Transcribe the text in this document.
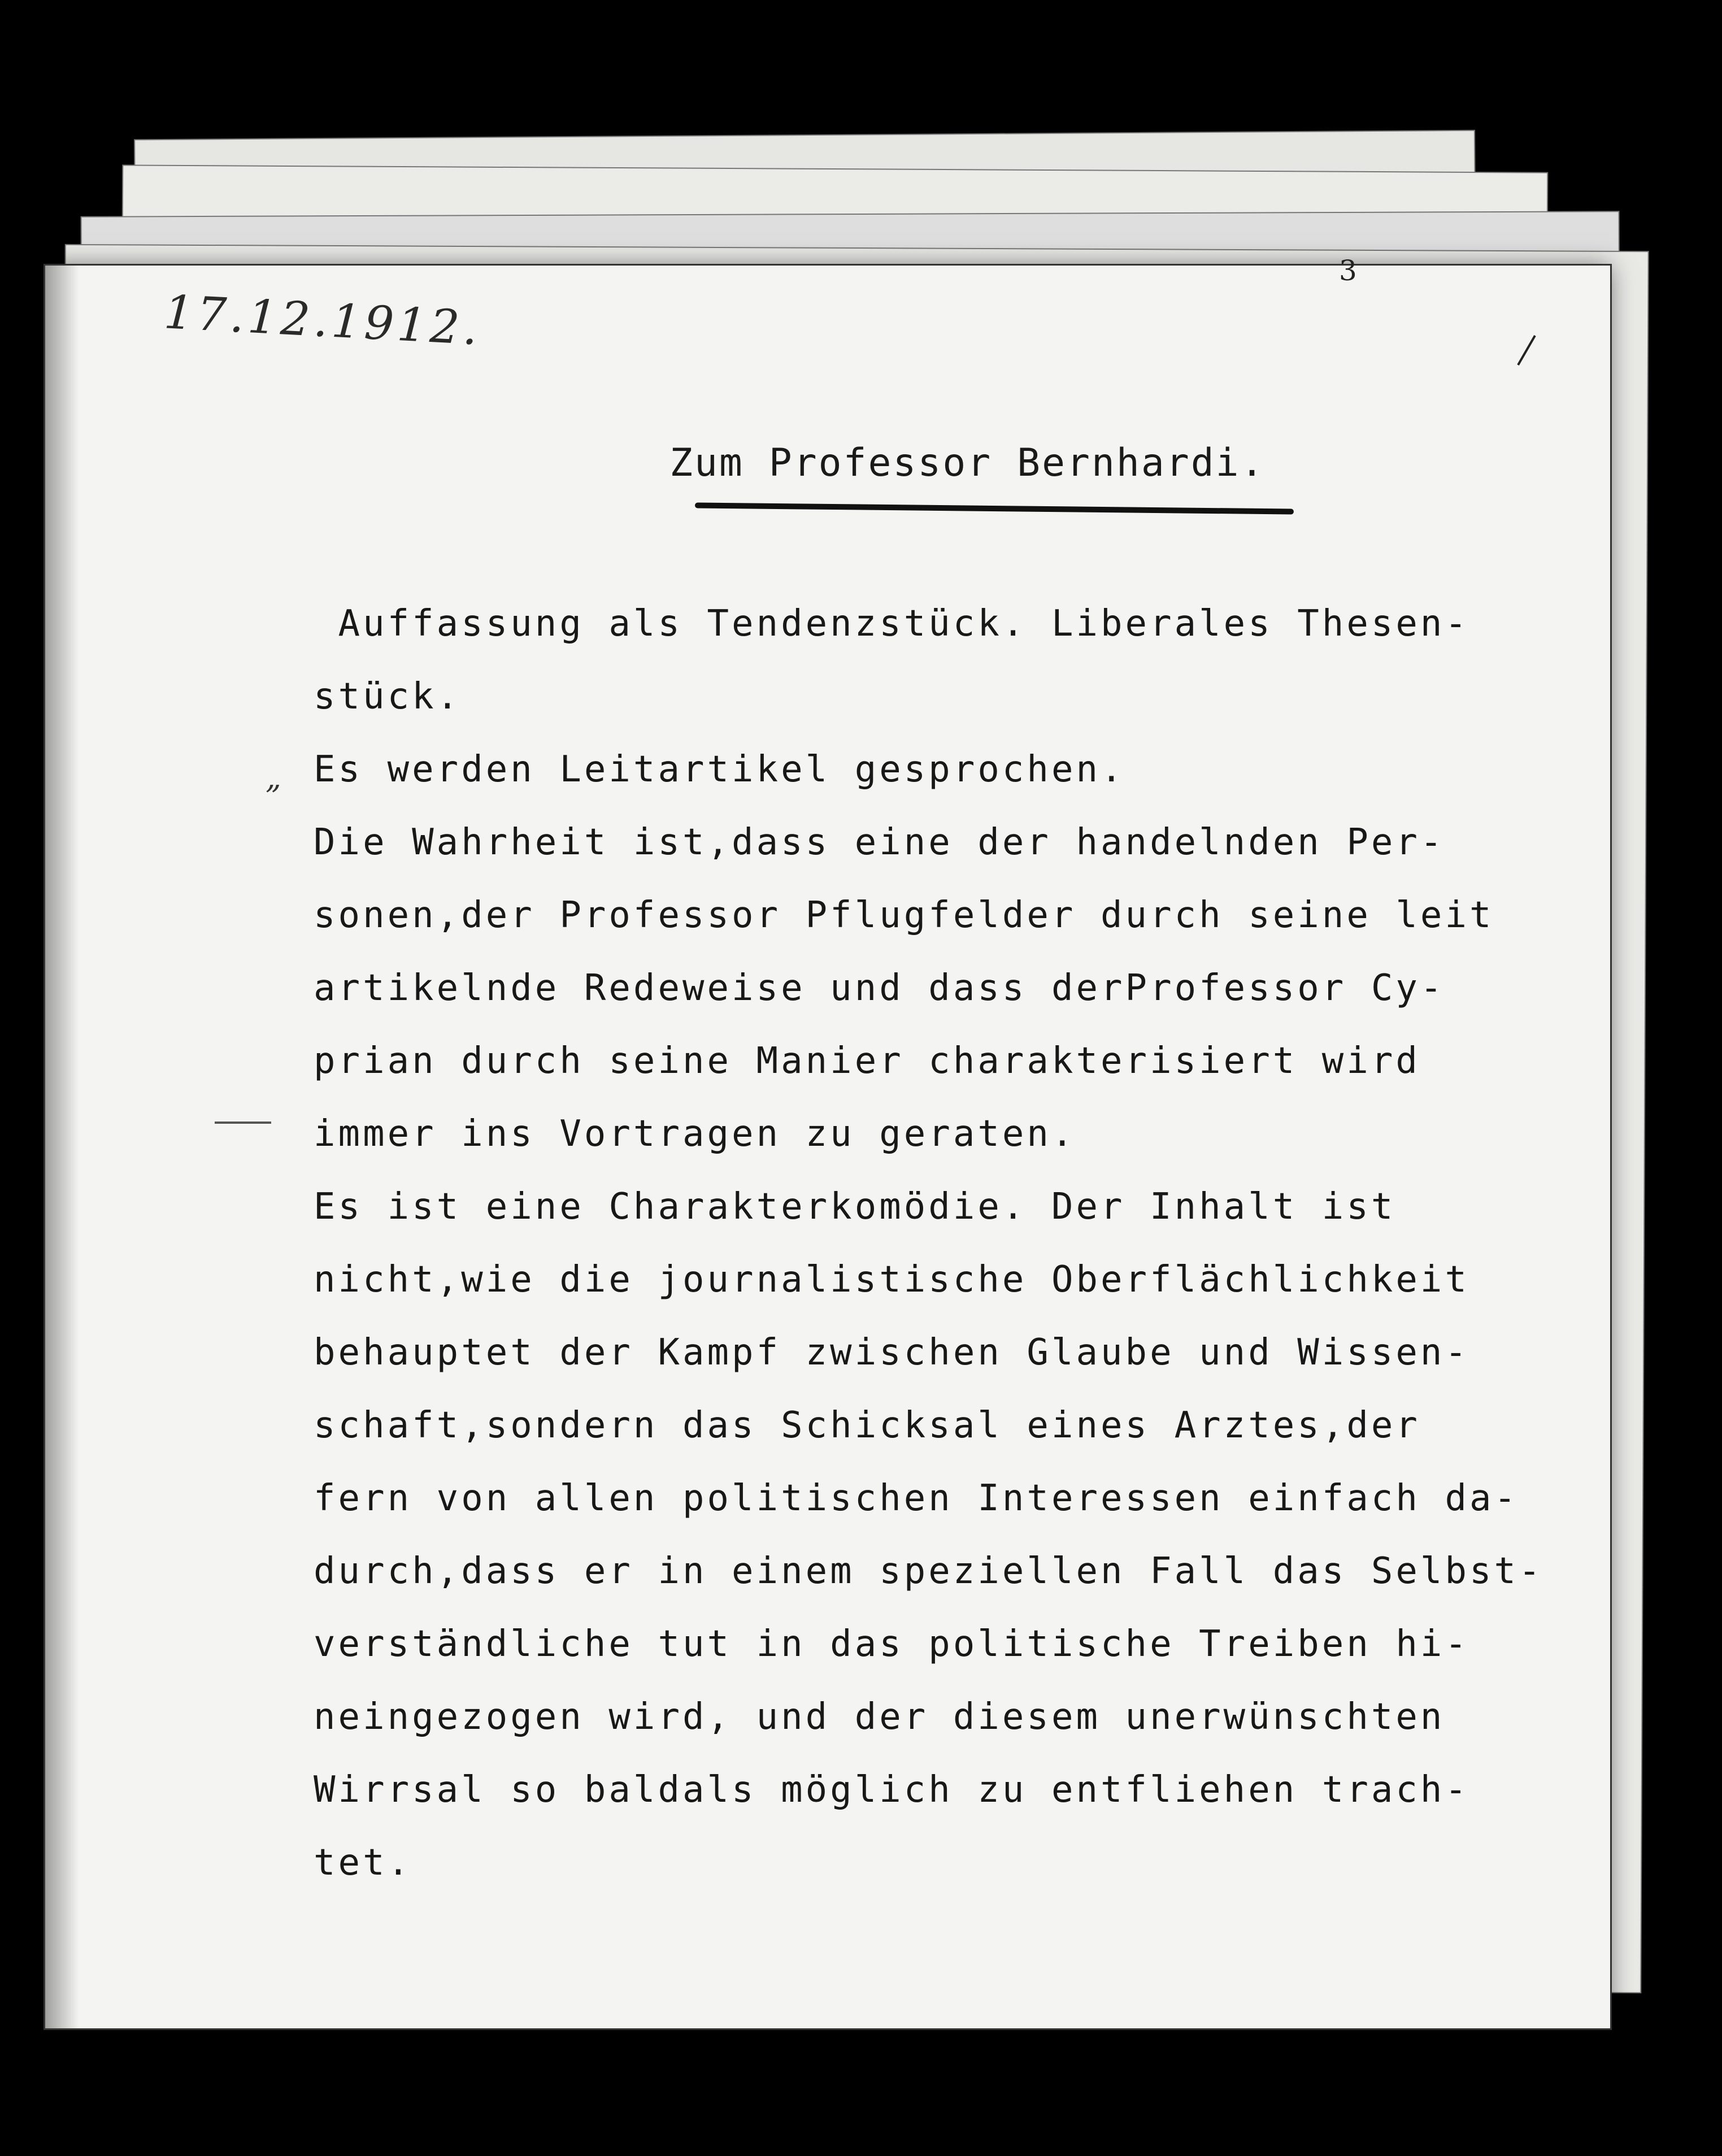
17.12.1912.
3
Zum Professor Bernhardi.
„
Auffassung als Tendenzstück. Liberales Thesen-
stück.
Es werden Leitartikel gesprochen.
Die Wahrheit ist,dass eine der handelnden Per-
sonen,der Professor Pflugfelder durch seine leit
artikelnde Redeweise und dass derProfessor Cy-
prian durch seine Manier charakterisiert wird
immer ins Vortragen zu geraten.
Es ist eine Charakterkomödie. Der Inhalt ist
nicht,wie die journalistische Oberflächlichkeit
behauptet der Kampf zwischen Glaube und Wissen-
schaft,sondern das Schicksal eines Arztes,der
fern von allen politischen Interessen einfach da-
durch,dass er in einem speziellen Fall das Selbst-
verständliche tut in das politische Treiben hi-
neingezogen wird, und der diesem unerwünschten
Wirrsal so baldals möglich zu entfliehen trach-
tet.
